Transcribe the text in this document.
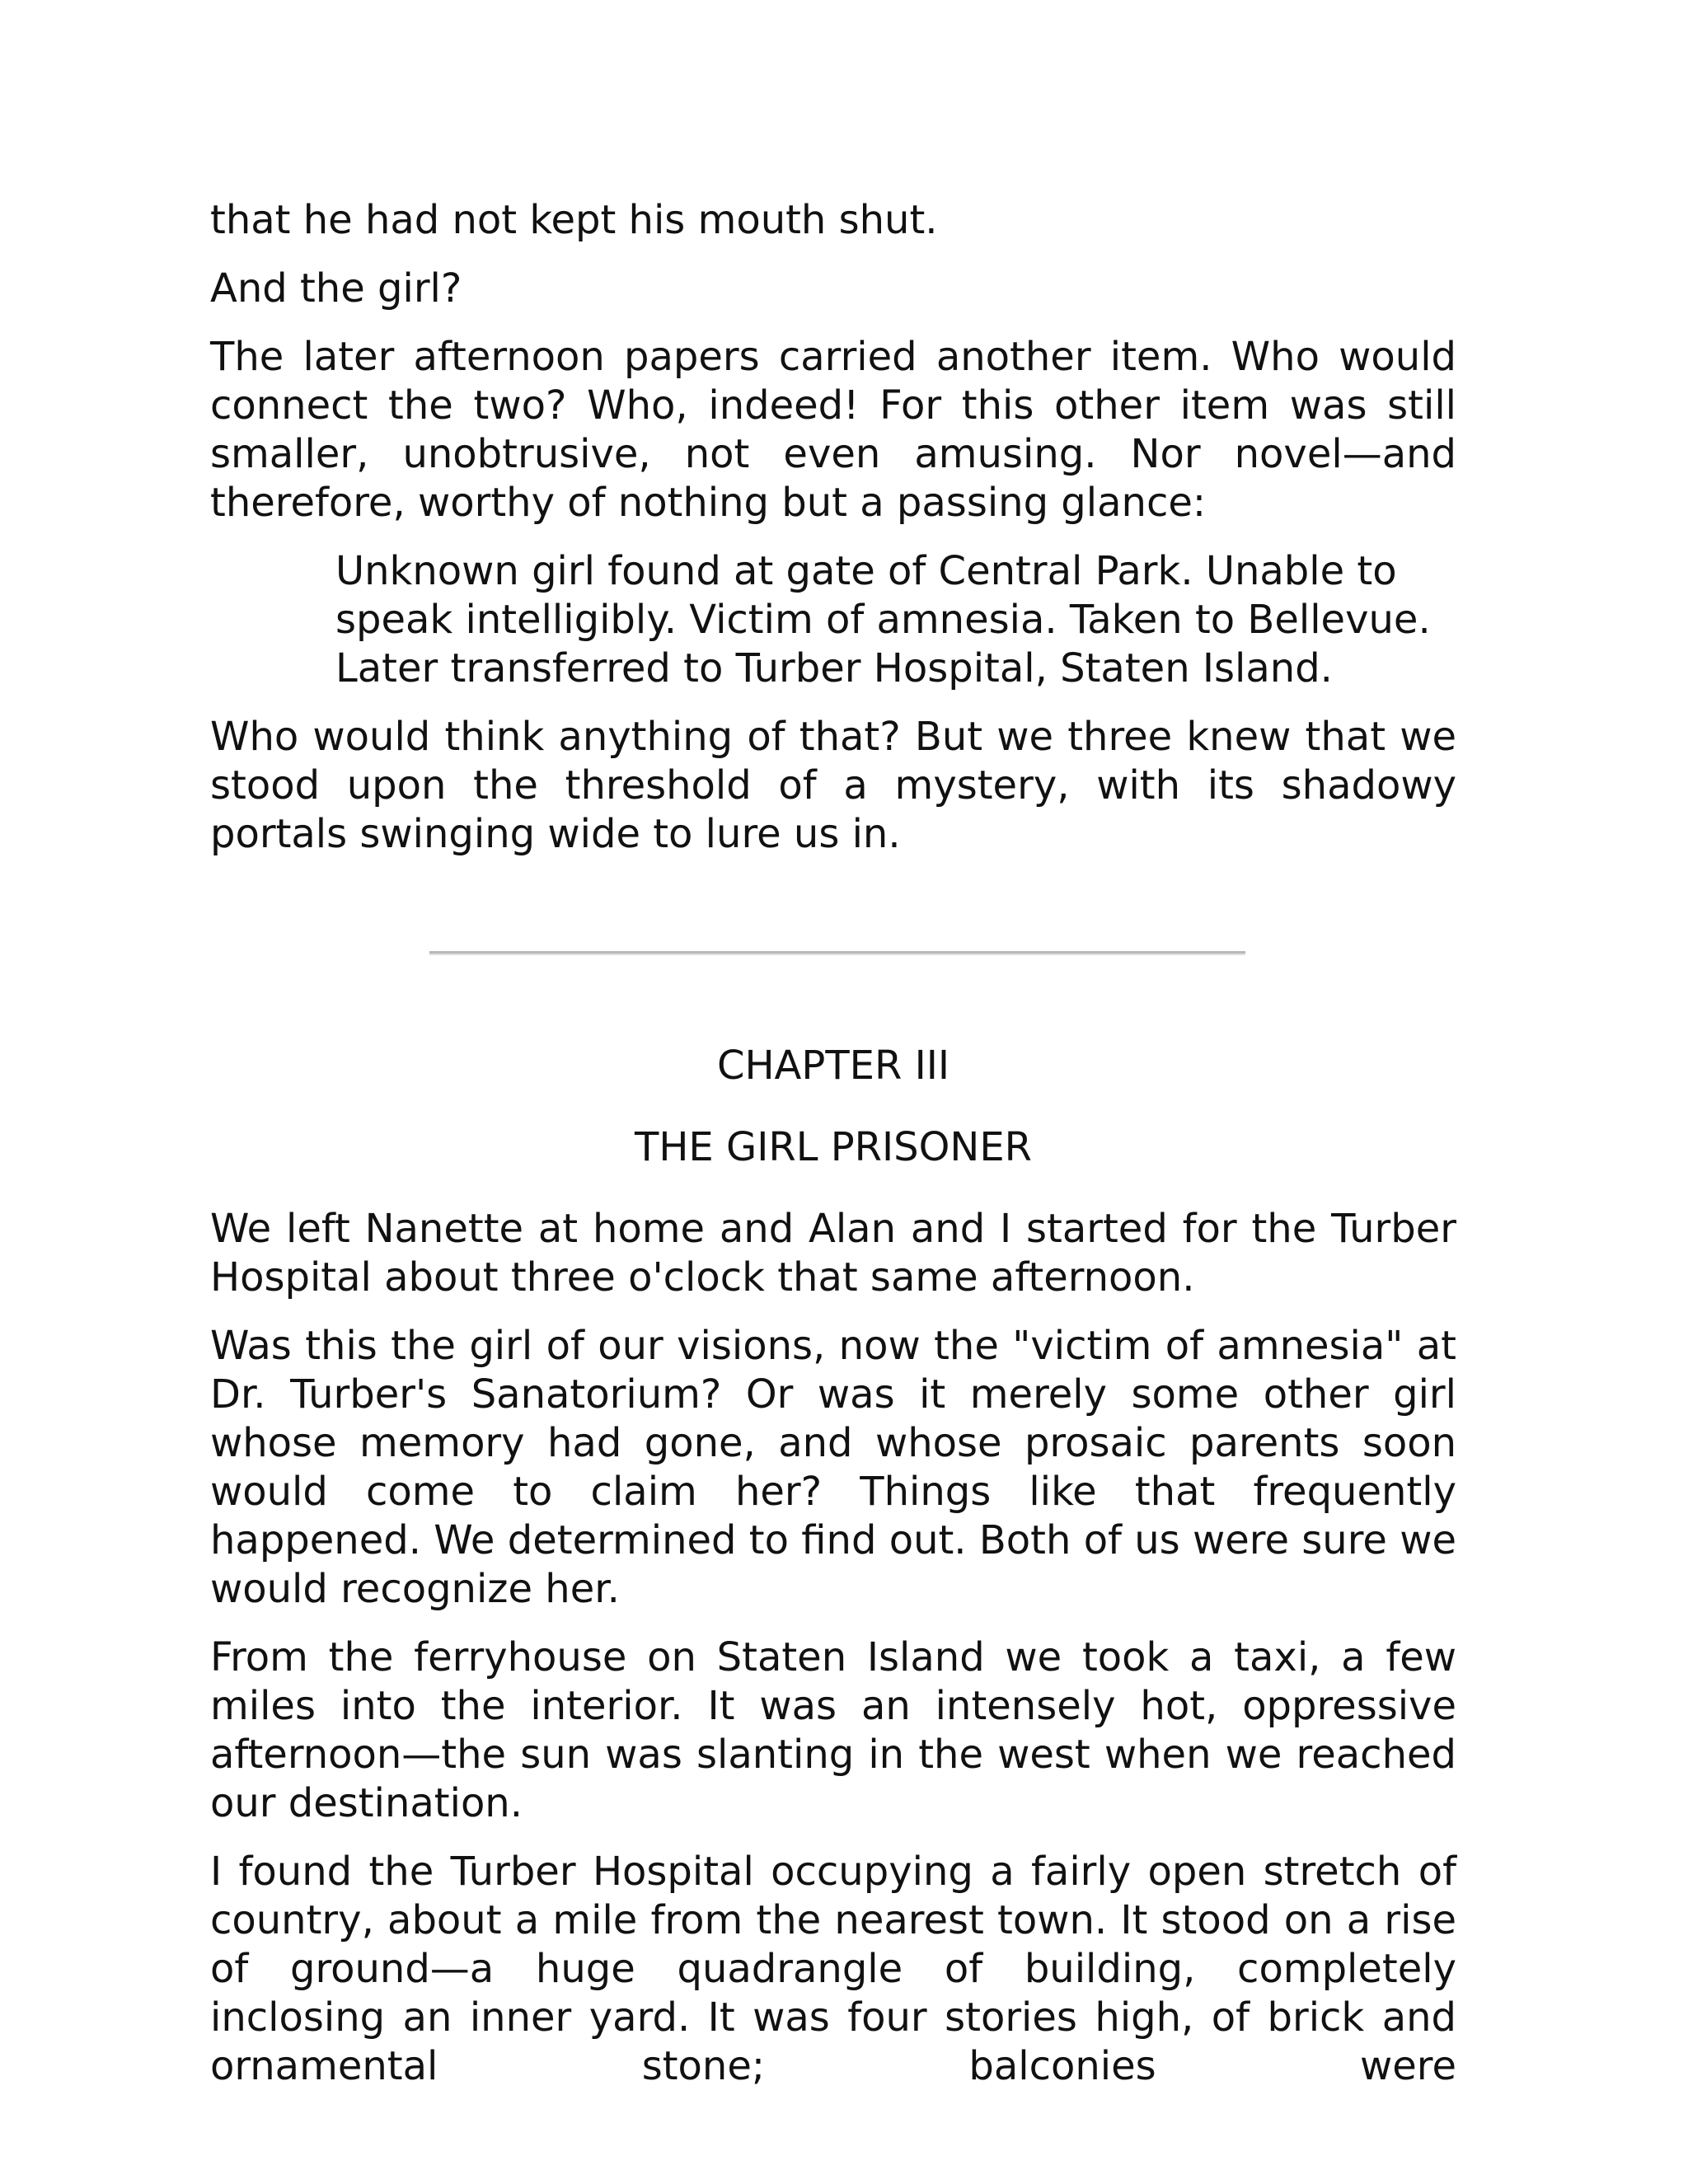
that he had not kept his mouth shut.

And the girl?

The later afternoon papers carried another item. Who would connect the two? Who, indeed! For this other item was still smaller, unobtrusive, not even amusing. Nor novel—and therefore, worthy of nothing but a passing glance:

Unknown girl found at gate of Central Park. Unable to
speak intelligibly. Victim of amnesia. Taken to Bellevue.
Later transferred to Turber Hospital, Staten Island.

Who would think anything of that? But we three knew that we stood upon the threshold of a mystery, with its shadowy portals swinging wide to lure us in.

CHAPTER III
THE GIRL PRISONER

We left Nanette at home and Alan and I started for the Turber Hospital about three o'clock that same afternoon.

Was this the girl of our visions, now the "victim of amnesia" at Dr. Turber's Sanatorium? Or was it merely some other girl whose memory had gone, and whose prosaic parents soon would come to claim her? Things like that frequently happened. We determined to find out. Both of us were sure we would recognize her.

From the ferryhouse on Staten Island we took a taxi, a few miles into the interior. It was an intensely hot, oppressive afternoon—the sun was slanting in the west when we reached our destination.

I found the Turber Hospital occupying a fairly open stretch of country, about a mile from the nearest town. It stood on a rise of ground—a huge quadrangle of building, completely inclosing an inner yard. It was four stories high, of brick and ornamental stone; balconies were
